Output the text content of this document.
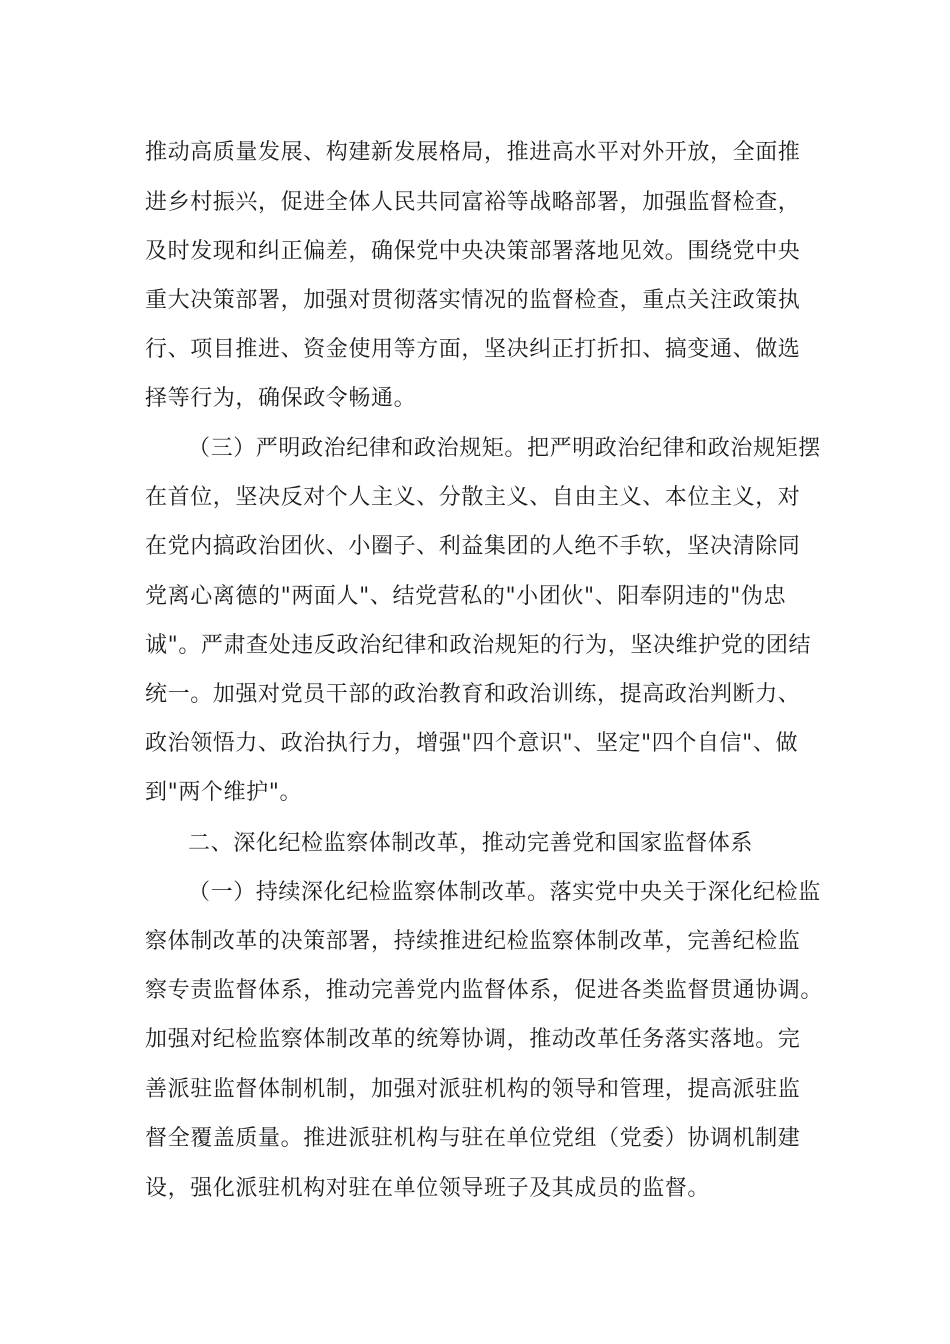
推动高质量发展、构建新发展格局，推进高水平对外开放，全面推
进乡村振兴，促进全体人民共同富裕等战略部署，加强监督检查，
及时发现和纠正偏差，确保党中央决策部署落地见效。围绕党中央
重大决策部署，加强对贯彻落实情况的监督检查，重点关注政策执
行、项目推进、资金使用等方面，坚决纠正打折扣、搞变通、做选
择等行为，确保政令畅通。
（三）严明政治纪律和政治规矩。把严明政治纪律和政治规矩摆
在首位，坚决反对个人主义、分散主义、自由主义、本位主义，对
在党内搞政治团伙、小圈子、利益集团的人绝不手软，坚决清除同
党离心离德的"两面人"、结党营私的"小团伙"、阳奉阴违的"伪忠
诚"。严肃查处违反政治纪律和政治规矩的行为，坚决维护党的团结
统一。加强对党员干部的政治教育和政治训练，提高政治判断力、
政治领悟力、政治执行力，增强"四个意识"、坚定"四个自信"、做
到"两个维护"。
二、深化纪检监察体制改革，推动完善党和国家监督体系
（一）持续深化纪检监察体制改革。落实党中央关于深化纪检监
察体制改革的决策部署，持续推进纪检监察体制改革，完善纪检监
察专责监督体系，推动完善党内监督体系，促进各类监督贯通协调。
加强对纪检监察体制改革的统筹协调，推动改革任务落实落地。完
善派驻监督体制机制，加强对派驻机构的领导和管理，提高派驻监
督全覆盖质量。推进派驻机构与驻在单位党组（党委）协调机制建
设，强化派驻机构对驻在单位领导班子及其成员的监督。
